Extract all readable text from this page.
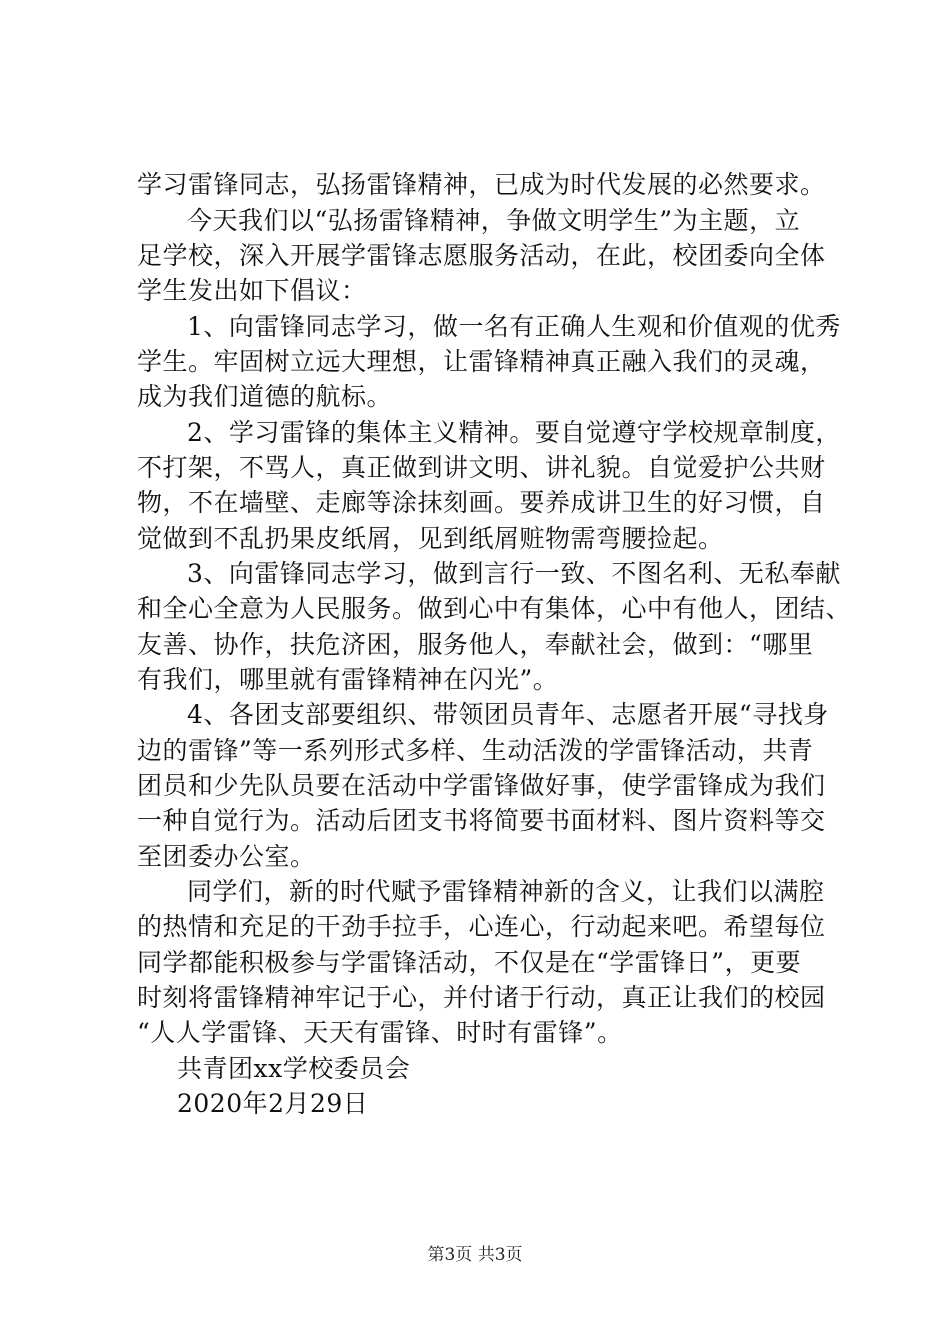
学习雷锋同志，弘扬雷锋精神，已成为时代发展的必然要求。
今天我们以“弘扬雷锋精神，争做文明学生”为主题，立
足学校，深入开展学雷锋志愿服务活动，在此，校团委向全体
学生发出如下倡议：
1、向雷锋同志学习，做一名有正确人生观和价值观的优秀
学生。牢固树立远大理想，让雷锋精神真正融入我们的灵魂，
成为我们道德的航标。
2、学习雷锋的集体主义精神。要自觉遵守学校规章制度，
不打架，不骂人，真正做到讲文明、讲礼貌。自觉爱护公共财
物，不在墙壁、走廊等涂抹刻画。要养成讲卫生的好习惯，自
觉做到不乱扔果皮纸屑，见到纸屑赃物需弯腰捡起。
3、向雷锋同志学习，做到言行一致、不图名利、无私奉献
和全心全意为人民服务。做到心中有集体，心中有他人，团结、
友善、协作，扶危济困，服务他人，奉献社会，做到：“哪里
有我们，哪里就有雷锋精神在闪光”。
4、各团支部要组织、带领团员青年、志愿者开展“寻找身
边的雷锋”等一系列形式多样、生动活泼的学雷锋活动，共青
团员和少先队员要在活动中学雷锋做好事，使学雷锋成为我们
一种自觉行为。活动后团支书将简要书面材料、图片资料等交
至团委办公室。
同学们，新的时代赋予雷锋精神新的含义，让我们以满腔
的热情和充足的干劲手拉手，心连心，行动起来吧。希望每位
同学都能积极参与学雷锋活动，不仅是在“学雷锋日”，更要
时刻将雷锋精神牢记于心，并付诸于行动，真正让我们的校园
“人人学雷锋、天天有雷锋、时时有雷锋”。
共青团xx学校委员会
2020年2月29日
第3页 共3页
